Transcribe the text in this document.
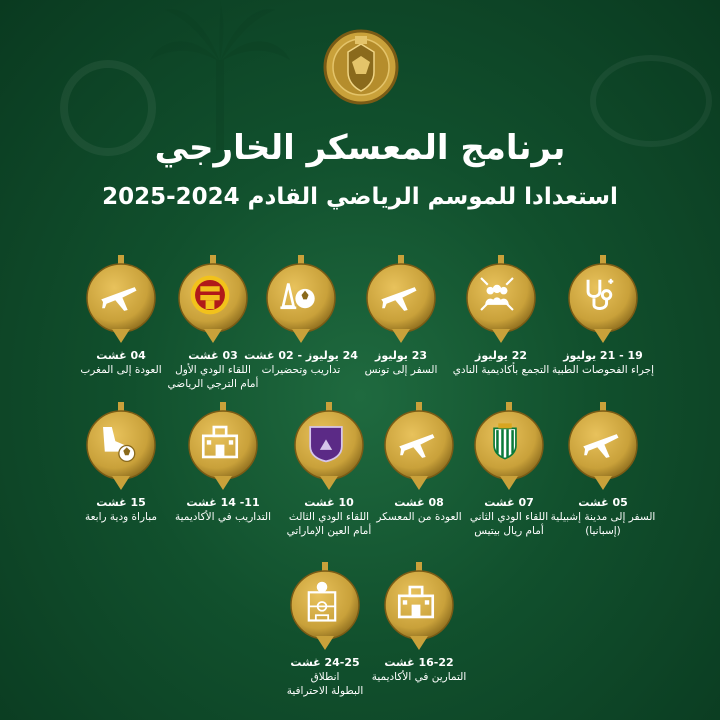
برنامج المعسكر الخارجي
استعدادا للموسم الرياضي القادم 2024-2025
19 - 21 يوليوز
إجراء الفحوصات الطبية
22 يوليوز
التجمع بأكاديمية النادي
23 يوليوز
السفر إلى تونس
24 يوليوز - 02 غشت
تداريب وتحضيرات
03 غشت
اللقاء الودي الأول
أمام الترجي الرياضي
04 غشت
العودة إلى المغرب
05 غشت
السفر إلى مدينة إشبيلية
(إسبانيا)
07 غشت
اللقاء الودي الثاني
أمام ريال بيتيس
08 غشت
العودة من المعسكر
10 غشت
اللقاء الودي الثالث
أمام العين الإماراتي
11- 14 غشت
التداريب في الأكاديمية
15 غشت
مباراة ودية رابعة
16-22 غشت
التمارين في الأكاديمية
24-25 غشت
انطلاق
البطولة الاحترافية
